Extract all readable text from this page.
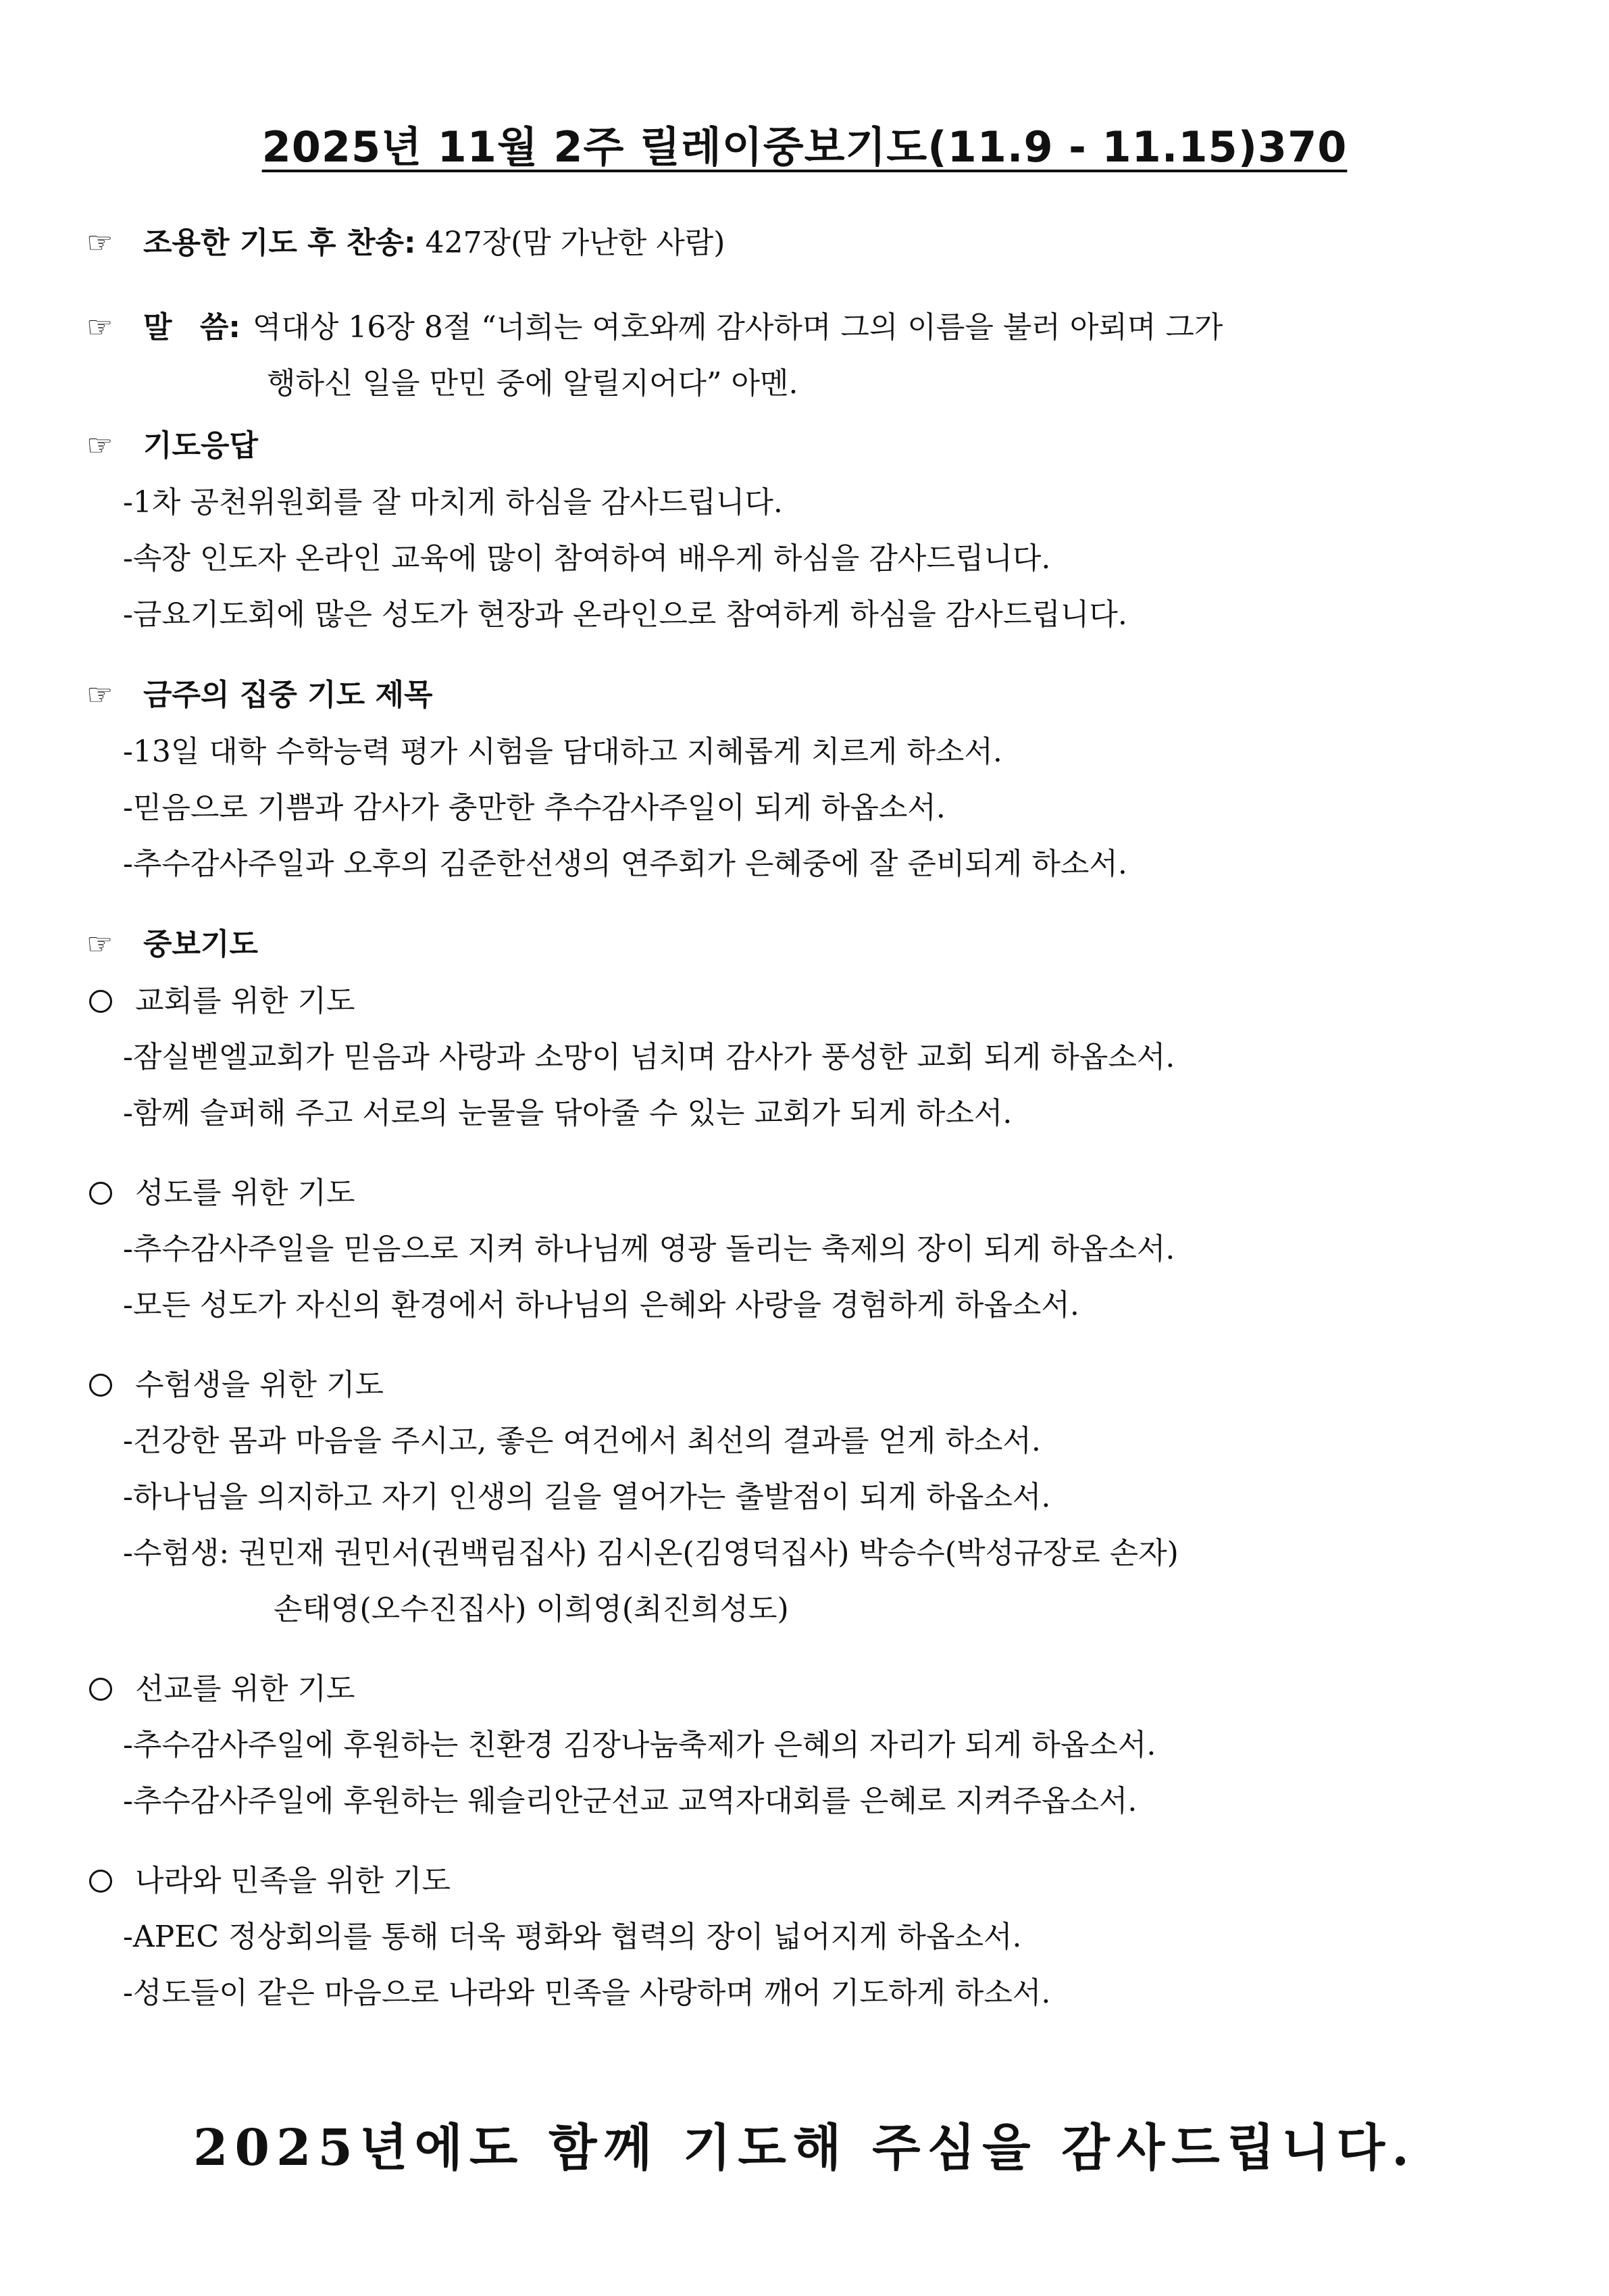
2025년 11월 2주 릴레이중보기도(11.9 - 11.15)370
☞	조용한 기도 후 찬송: 427장(맘 가난한 사람)
☞	말 씀: 역대상 16장 8절 “너희는 여호와께 감사하며 그의 이름을 불러 아뢰며 그가
행하신 일을 만민 중에 알릴지어다” 아멘.
☞	기도응답
-1차 공천위원회를 잘 마치게 하심을 감사드립니다.
-속장 인도자 온라인 교육에 많이 참여하여 배우게 하심을 감사드립니다.
-금요기도회에 많은 성도가 현장과 온라인으로 참여하게 하심을 감사드립니다.
☞	금주의 집중 기도 제목
-13일 대학 수학능력 평가 시험을 담대하고 지혜롭게 치르게 하소서.
-믿음으로 기쁨과 감사가 충만한 추수감사주일이 되게 하옵소서.
-추수감사주일과 오후의 김준한선생의 연주회가 은혜중에 잘 준비되게 하소서.
☞	중보기도
교회를 위한 기도
-잠실벧엘교회가 믿음과 사랑과 소망이 넘치며 감사가 풍성한 교회 되게 하옵소서.
-함께 슬퍼해 주고 서로의 눈물을 닦아줄 수 있는 교회가 되게 하소서.
성도를 위한 기도
-추수감사주일을 믿음으로 지켜 하나님께 영광 돌리는 축제의 장이 되게 하옵소서.
-모든 성도가 자신의 환경에서 하나님의 은혜와 사랑을 경험하게 하옵소서.
수험생을 위한 기도
-건강한 몸과 마음을 주시고, 좋은 여건에서 최선의 결과를 얻게 하소서.
-하나님을 의지하고 자기 인생의 길을 열어가는 출발점이 되게 하옵소서.
-수험생: 권민재 권민서(권백림집사) 김시온(김영덕집사) 박승수(박성규장로 손자)
손태영(오수진집사) 이희영(최진희성도)
선교를 위한 기도
-추수감사주일에 후원하는 친환경 김장나눔축제가 은혜의 자리가 되게 하옵소서.
-추수감사주일에 후원하는 웨슬리안군선교 교역자대회를 은혜로 지켜주옵소서.
나라와 민족을 위한 기도
-APEC 정상회의를 통해 더욱 평화와 협력의 장이 넓어지게 하옵소서.
-성도들이 같은 마음으로 나라와 민족을 사랑하며 깨어 기도하게 하소서.
2025년에도 함께 기도해 주심을 감사드립니다.
